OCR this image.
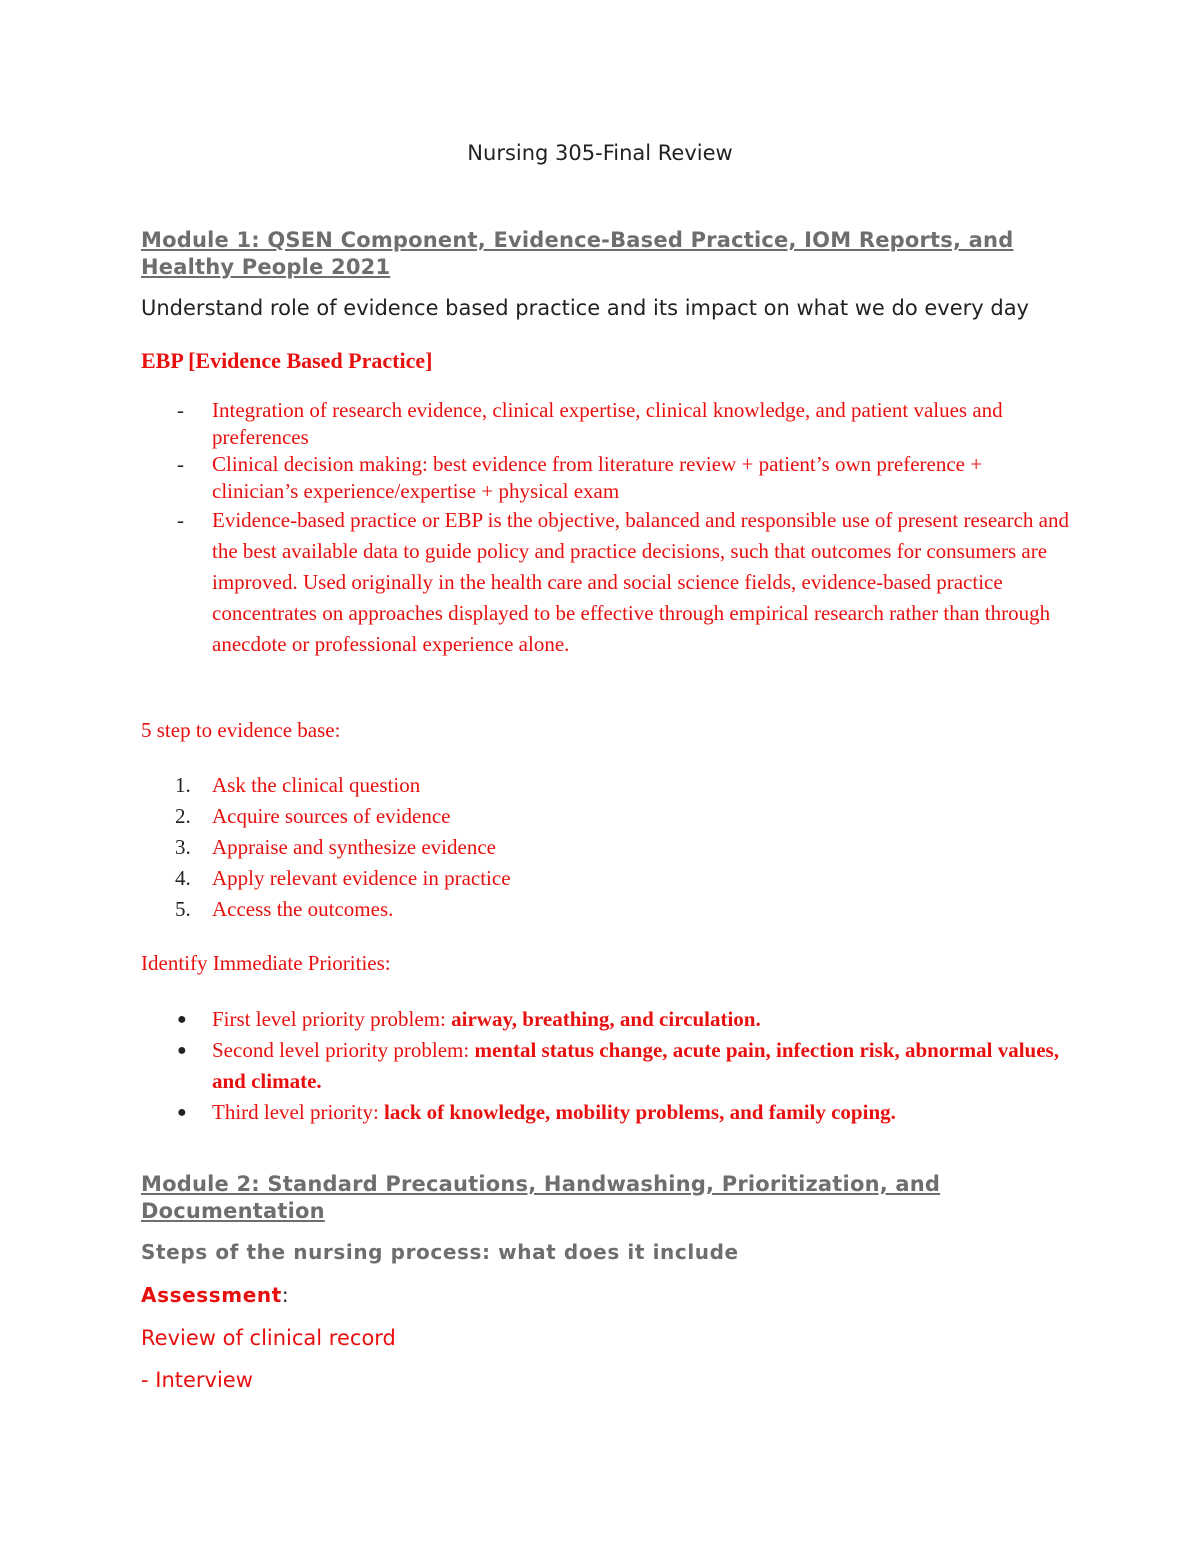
Nursing 305-Final Review

Module 1: QSEN Component, Evidence-Based Practice, IOM Reports, and Healthy People 2021

Understand role of evidence based practice and its impact on what we do every day

EBP [Evidence Based Practice]

- Integration of research evidence, clinical expertise, clinical knowledge, and patient values and preferences
- Clinical decision making: best evidence from literature review + patient’s own preference + clinician’s experience/expertise + physical exam
- Evidence-based practice or EBP is the objective, balanced and responsible use of present research and the best available data to guide policy and practice decisions, such that outcomes for consumers are improved. Used originally in the health care and social science fields, evidence-based practice concentrates on approaches displayed to be effective through empirical research rather than through anecdote or professional experience alone.

5 step to evidence base:

1. Ask the clinical question
2. Acquire sources of evidence
3. Appraise and synthesize evidence
4. Apply relevant evidence in practice
5. Access the outcomes.

Identify Immediate Priorities:

● First level priority problem: airway, breathing, and circulation.
● Second level priority problem: mental status change, acute pain, infection risk, abnormal values, and climate.
● Third level priority: lack of knowledge, mobility problems, and family coping.

Module 2: Standard Precautions, Handwashing, Prioritization, and Documentation

Steps of the nursing process: what does it include

Assessment:

Review of clinical record

- Interview
